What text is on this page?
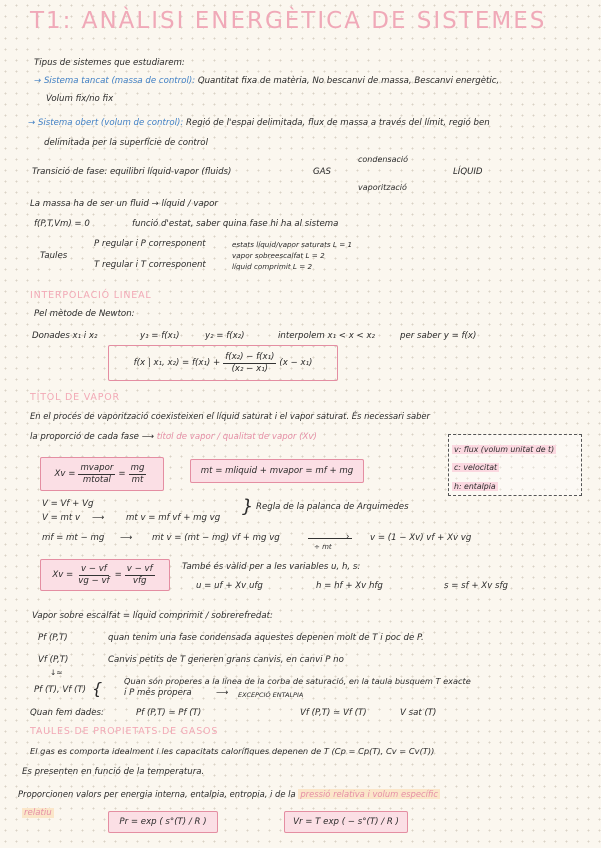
T1: ANÀLISI ENERGÈTICA DE SISTEMES
Tipus de sistemes que estudiarem:
→ Sistema tancat (massa de control): Quantitat fixa de matèria, No bescanvi de massa, Bescanvi energètic,
Volum fix/no fix
→ Sistema obert (volum de control): Regió de l'espai delimitada, flux de massa a través del límit, regió ben
delimitada per la superfície de control
Transició de fase: equilibri líquid-vapor (fluids)	GAS	LÍQUID
condensació
vaporització
La massa ha de ser un fluid → líquid / vapor
f(P,T,Vm) = 0	funció d'estat, saber quina fase hi ha al sistema
Taules
P regular i P corresponent
T regular i T corresponent
estats líquid/vapor saturats L = 1
vapor sobreescalfat L = 2
líquid comprimit L = 2
INTERPOLACIÓ LINEAL
Pel mètode de Newton:
Donades x₁ i x₂	y₁ = f(x₁)	y₂ = f(x₂)	interpolem x₁ < x < x₂	per saber y = f(x)
f(x | x₁, $x_2) = f(x_1) + \frac{\text{f(x₂) − f(x₁)}}{\text{(x₂ − x₁)}} (x - x_1)$
TÍTOL DE VAPOR
En el procés de vaporització coexisteixen el líquid saturat i el vapor saturat. És necessari saber
la proporció de cada fase ⟶ títol de vapor / qualitat de vapor (Xv)
v: flux (volum unitat de t)
c: velocitat
h: entalpia
$Xv = \frac{\text{mvapor}}{\text{mtotal}} = \frac{mg}{mt}$	mt = mliquid + mvapor = mf + mg
V = Vf + Vg
V = mt v ⟶	mt v = mf vf + mg vg
} Regla de la palanca de Arquimedes
mf = mt − mg ⟶ mt v = (mt − mg) vf + mg vg	›
÷ mt
v = (1 − Xv) vf + Xv vg
$Xv = \frac{v - vf}{vg - vf} = \frac{v - vf}{\text{vfg}}$	També és vàlid per a les variables u, h, s:
u = uf + Xv ufg	h = hf + Xv hfg	s = sf + Xv sfg
Vapor sobre escalfat = líquid comprimit / sobrerefredat:
Pf (P,T)	quan tenim una fase condensada aquestes depenen molt de T i poc de P.
Vf (P,T)	Canvis petits de T generen grans canvis, en canvi P no
↓≈
Pf (T), Vf (T) {	Quan són properes a la línea de la corba de saturació, en la taula busquem T exacte
i P més propera	⟶ EXCEPCIÓ ENTALPIA
Quan fem dades:	Pf (P,T) ≃ Pf (T)	Vf (P,T) ≃ Vf (T)	V sat (T)
TAULES DE PROPIETATS DE GASOS
El gas es comporta idealment i les capacitats calorífiques depenen de T (Cp = Cp(T), Cv = Cv(T))
Es presenten en funció de la temperatura.
Proporcionen valors per energia interna, entalpia, entropia, i de la pressió relativa i volum específic
relatiu
Pr = exp ( s°(T) / R )	Vr = T exp ( − s°(T) / R )
